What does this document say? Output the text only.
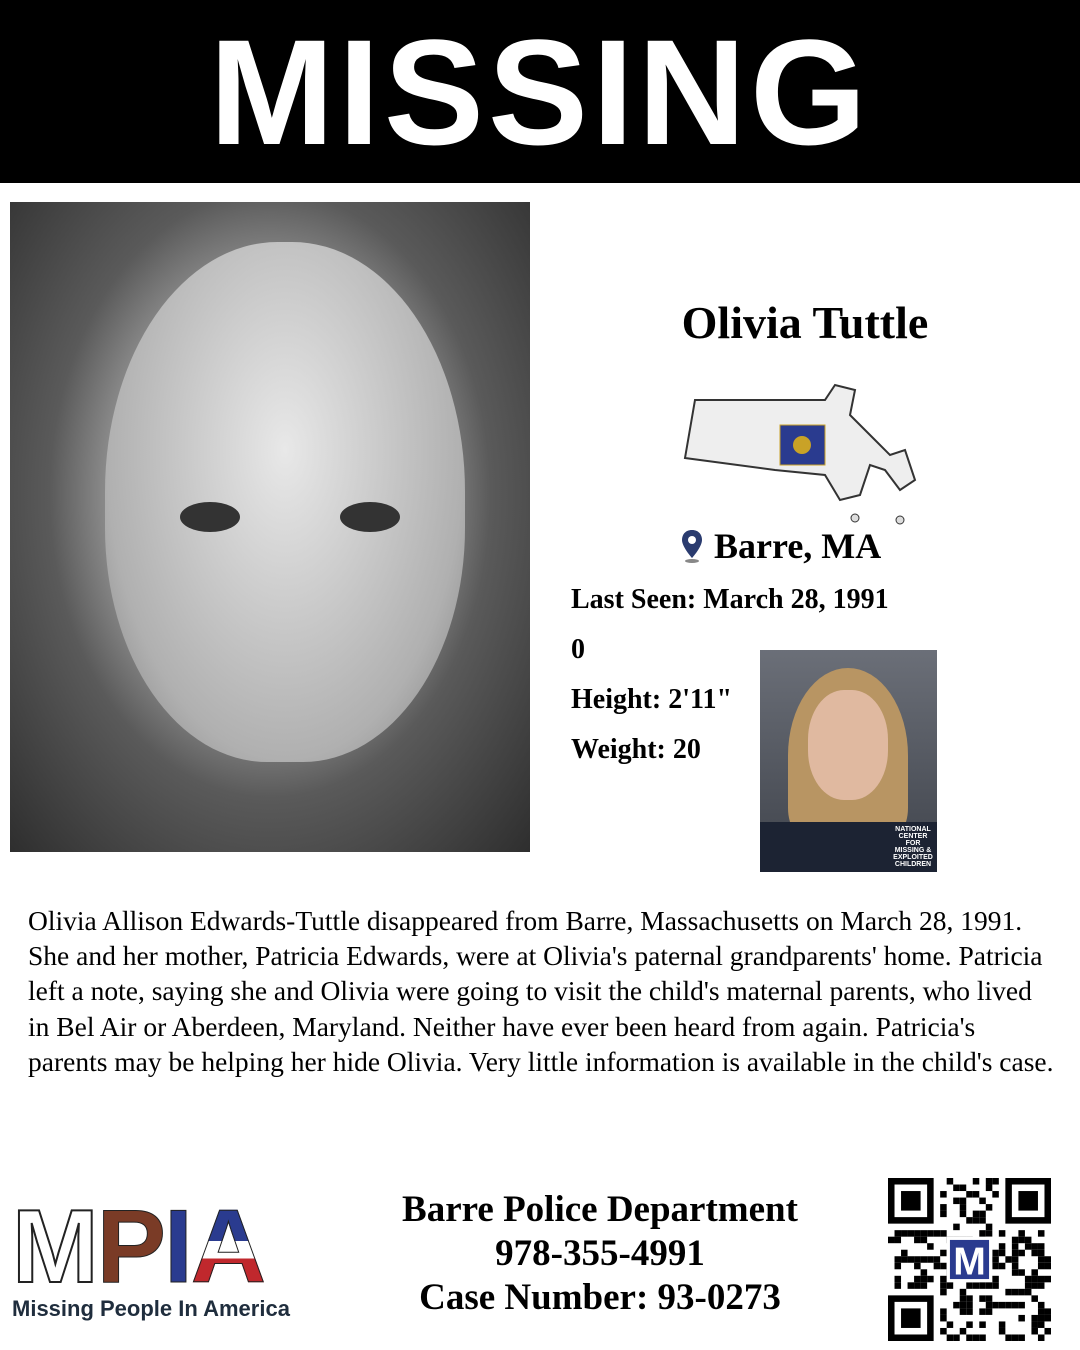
MISSING
Olivia Tuttle
Barre, MA
Last Seen: March 28, 1991
0
Height: 2'11"
Weight: 20
NATIONAL CENTER FOR MISSING & EXPLOITED CHILDREN
Olivia Allison Edwards-Tuttle disappeared from Barre, Massachusetts on March 28, 1991. She and her mother, Patricia Edwards, were at Olivia's paternal grandparents' home. Patricia left a note, saying she and Olivia were going to visit the child's maternal parents, who lived in Bel Air or Aberdeen, Maryland. Neither have ever been heard from again. Patricia's parents may be helping her hide Olivia. Very little information is available in the child's case.
MPIA
Missing People In America
Barre Police Department
978-355-4991
Case Number: 93-0273
M
